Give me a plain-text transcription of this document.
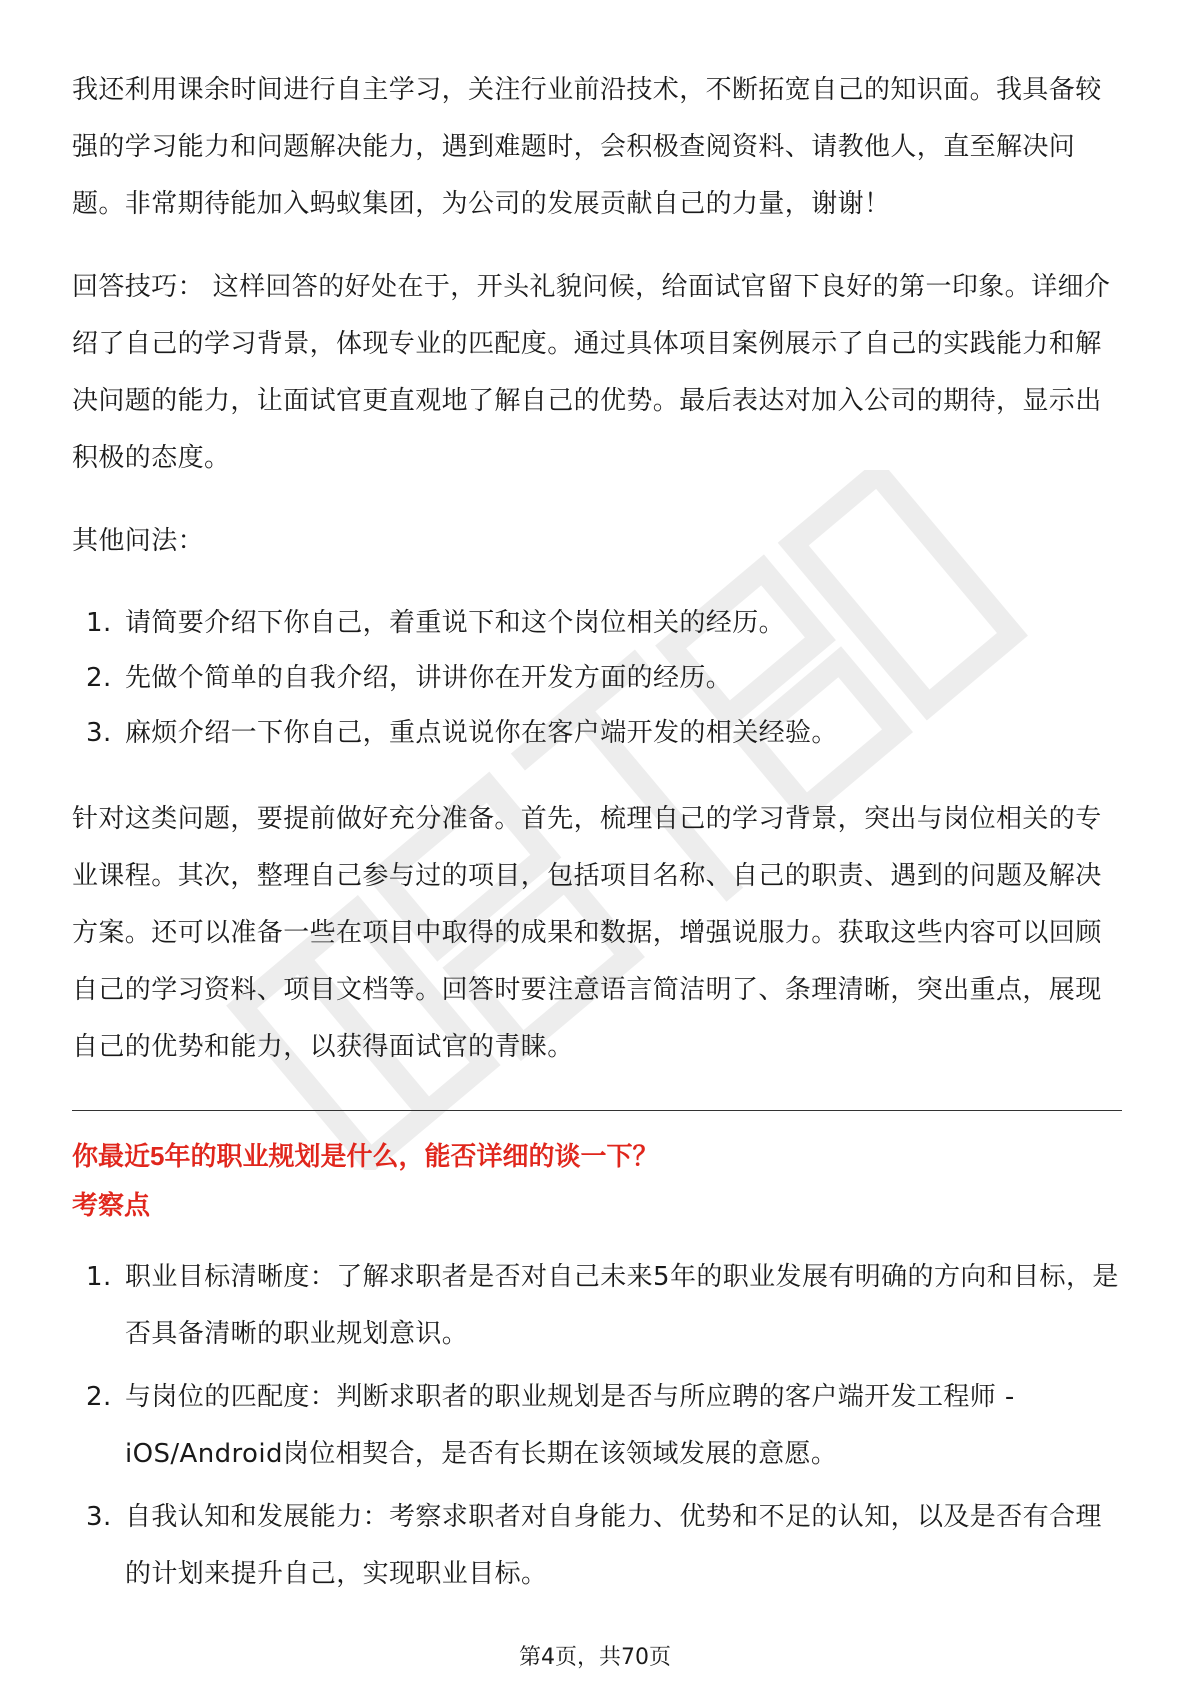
我还利用课余时间进行自主学习，关注行业前沿技术，不断拓宽自己的知识面。我具备较强的学习能力和问题解决能力，遇到难题时，会积极查阅资料、请教他人，直至解决问题。非常期待能加入蚂蚁集团，为公司的发展贡献自己的力量，谢谢！

回答技巧： 这样回答的好处在于，开头礼貌问候，给面试官留下良好的第一印象。详细介绍了自己的学习背景，体现专业的匹配度。通过具体项目案例展示了自己的实践能力和解决问题的能力，让面试官更直观地了解自己的优势。最后表达对加入公司的期待，显示出积极的态度。

其他问法：

1. 请简要介绍下你自己，着重说下和这个岗位相关的经历。
2. 先做个简单的自我介绍，讲讲你在开发方面的经历。
3. 麻烦介绍一下你自己，重点说说你在客户端开发的相关经验。

针对这类问题，要提前做好充分准备。首先，梳理自己的学习背景，突出与岗位相关的专业课程。其次，整理自己参与过的项目，包括项目名称、自己的职责、遇到的问题及解决方案。还可以准备一些在项目中取得的成果和数据，增强说服力。获取这些内容可以回顾自己的学习资料、项目文档等。回答时要注意语言简洁明了、条理清晰，突出重点，展现自己的优势和能力，以获得面试官的青睐。

你最近5年的职业规划是什么，能否详细的谈一下？

考察点

1. 职业目标清晰度：了解求职者是否对自己未来5年的职业发展有明确的方向和目标，是否具备清晰的职业规划意识。
2. 与岗位的匹配度：判断求职者的职业规划是否与所应聘的客户端开发工程师 - iOS/Android岗位相契合，是否有长期在该领域发展的意愿。
3. 自我认知和发展能力：考察求职者对自身能力、优势和不足的认知，以及是否有合理的计划来提升自己，实现职业目标。
第4页，共70页
